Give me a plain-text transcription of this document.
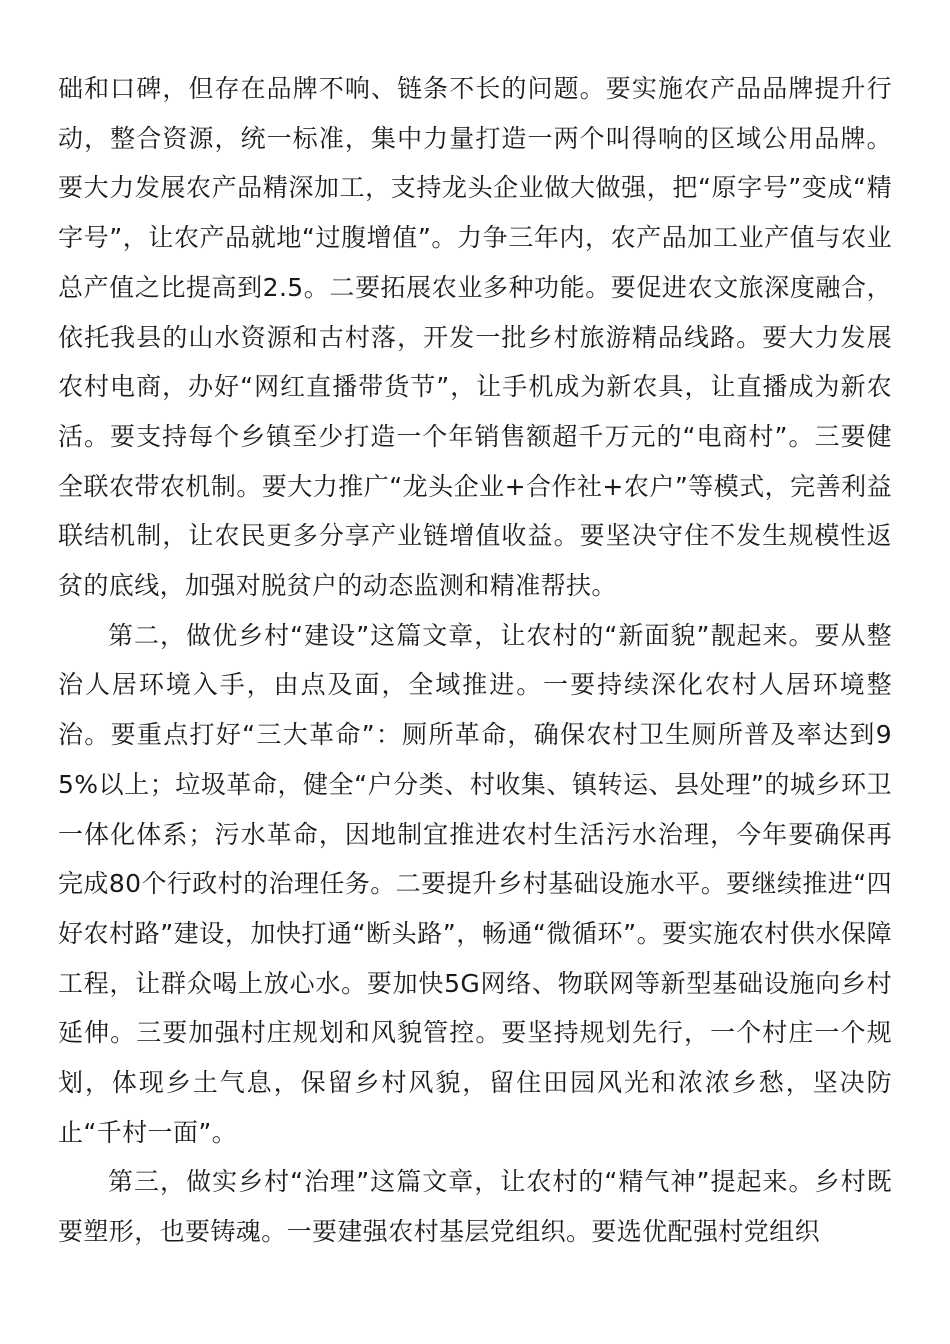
础和口碑，但存在品牌不响、链条不长的问题。要实施农产品品牌提升行动，整合资源，统一标准，集中力量打造一两个叫得响的区域公用品牌。要大力发展农产品精深加工，支持龙头企业做大做强，把“原字号”变成“精字号”，让农产品就地“过腹增值”。力争三年内，农产品加工业产值与农业总产值之比提高到2.5。二要拓展农业多种功能。要促进农文旅深度融合，依托我县的山水资源和古村落，开发一批乡村旅游精品线路。要大力发展农村电商，办好“网红直播带货节”，让手机成为新农具，让直播成为新农活。要支持每个乡镇至少打造一个年销售额超千万元的“电商村”。三要健全联农带农机制。要大力推广“龙头企业+合作社+农户”等模式，完善利益联结机制，让农民更多分享产业链增值收益。要坚决守住不发生规模性返贫的底线，加强对脱贫户的动态监测和精准帮扶。

第二，做优乡村“建设”这篇文章，让农村的“新面貌”靓起来。要从整治人居环境入手，由点及面，全域推进。一要持续深化农村人居环境整治。要重点打好“三大革命”：厕所革命，确保农村卫生厕所普及率达到95%以上；垃圾革命，健全“户分类、村收集、镇转运、县处理”的城乡环卫一体化体系；污水革命，因地制宜推进农村生活污水治理，今年要确保再完成80个行政村的治理任务。二要提升乡村基础设施水平。要继续推进“四好农村路”建设，加快打通“断头路”，畅通“微循环”。要实施农村供水保障工程，让群众喝上放心水。要加快5G网络、物联网等新型基础设施向乡村延伸。三要加强村庄规划和风貌管控。要坚持规划先行，一个村庄一个规划，体现乡土气息，保留乡村风貌，留住田园风光和浓浓乡愁，坚决防止“千村一面”。

第三，做实乡村“治理”这篇文章，让农村的“精气神”提起来。乡村既要塑形，也要铸魂。一要建强农村基层党组织。要选优配强村党组织
